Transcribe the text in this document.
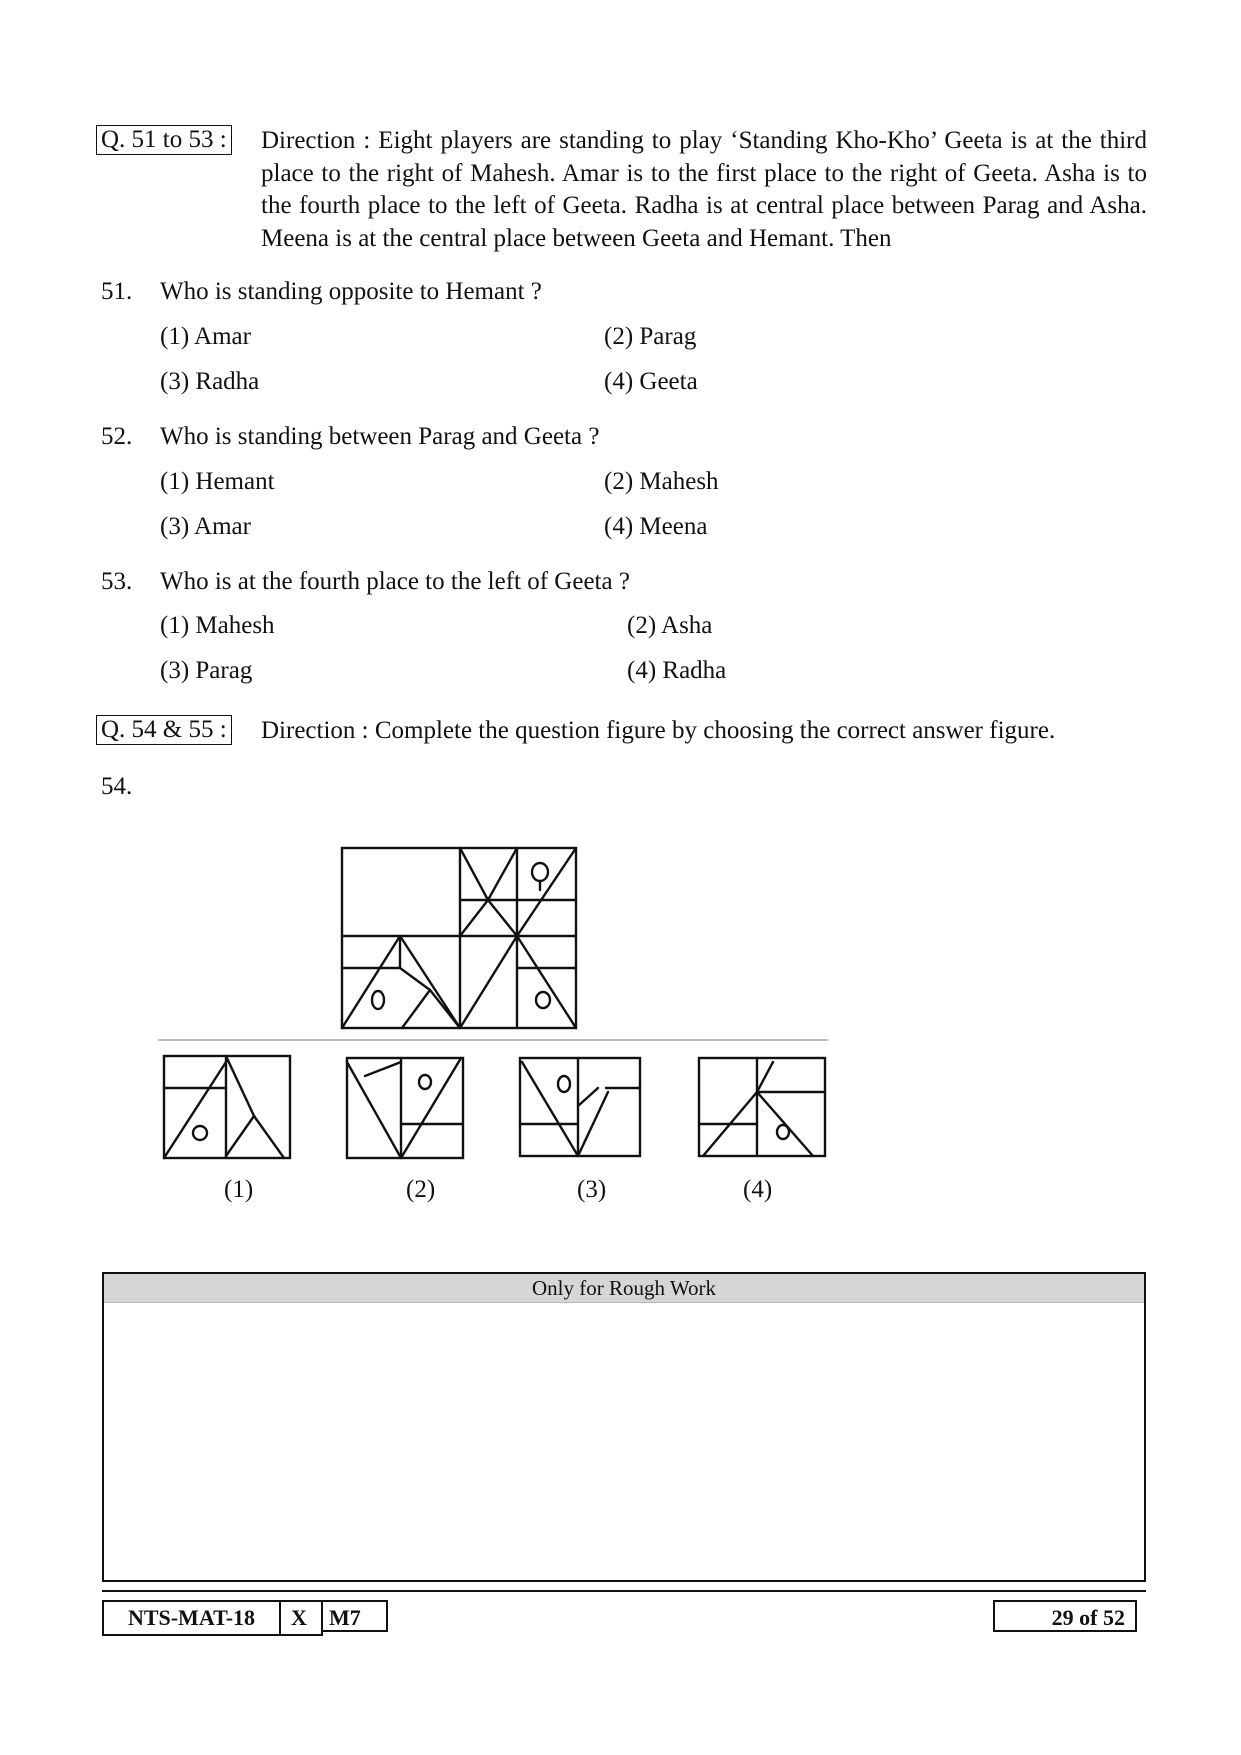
Q. 51 to 53 : Direction : Eight players are standing to play ‘Standing Kho-Kho’ Geeta is at the third place to the right of Mahesh. Amar is to the first place to the right of Geeta. Asha is to the fourth place to the left of Geeta. Radha is at central place between Parag and Asha. Meena is at the central place between Geeta and Hemant. Then
51. Who is standing opposite to Hemant ?
(1) Amar	(2) Parag
(3) Radha	(4) Geeta
52. Who is standing between Parag and Geeta ?
(1) Hemant	(2) Mahesh
(3) Amar	(4) Meena
53. Who is at the fourth place to the left of Geeta ?
(1) Mahesh	(2) Asha
(3) Parag	(4) Radha
Q. 54 & 55 : Direction : Complete the question figure by choosing the correct answer figure.
54.
(1)	(2)	(3)	(4)
Only for Rough Work
NTS-MAT-18	X	M7	29 of 52
